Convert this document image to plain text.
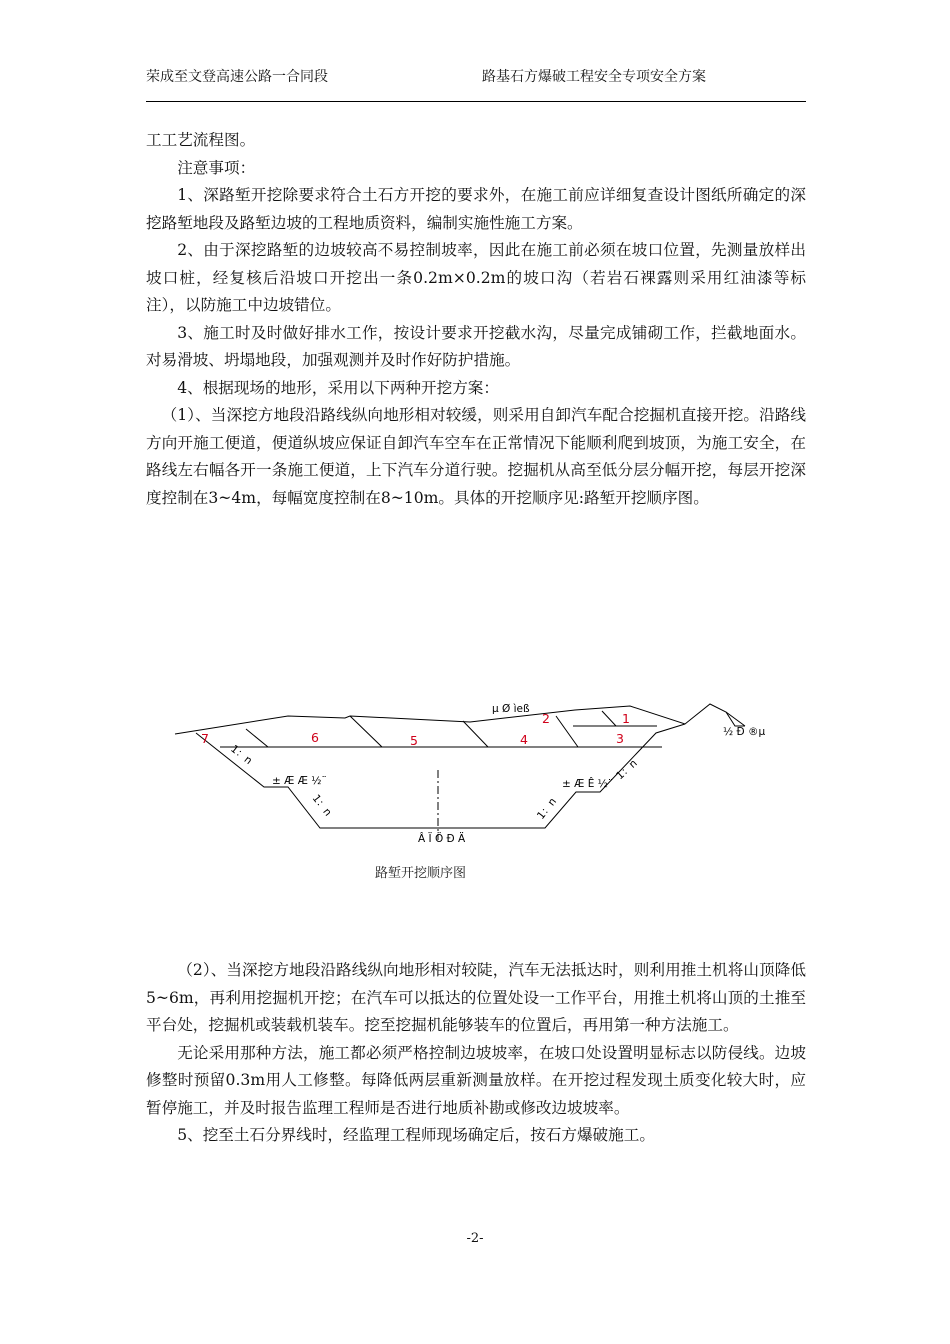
荣成至文登高速公路一合同段	路基石方爆破工程安全专项安全方案

工工艺流程图。

注意事项：

1、深路堑开挖除要求符合土石方开挖的要求外，在施工前应详细复查设计图纸所确定的深挖路堑地段及路堑边坡的工程地质资料，编制实施性施工方案。

2、由于深挖路堑的边坡较高不易控制坡率，因此在施工前必须在坡口位置，先测量放样出坡口桩，经复核后沿坡口开挖出一条0.2m×0.2m的坡口沟（若岩石裸露则采用红油漆等标注），以防施工中边坡错位。

3、施工时及时做好排水工作，按设计要求开挖截水沟，尽量完成铺砌工作，拦截地面水。对易滑坡、坍塌地段，加强观测并及时作好防护措施。

4、根据现场的地形，采用以下两种开挖方案：

（1）、当深挖方地段沿路线纵向地形相对较缓，则采用自卸汽车配合挖掘机直接开挖。沿路线方向开施工便道，便道纵坡应保证自卸汽车空车在正常情况下能顺利爬到坡顶，为施工安全，在路线左右幅各开一条施工便道，上下汽车分道行驶。挖掘机从高至低分层分幅开挖，每层开挖深度控制在3~4m，每幅宽度控制在8~10m。具体的开挖顺序见:路堑开挖顺序图。

7	6	5	4	3
2	1
µ Ø ìeß
½ Ð ®µ
± Æ Æ ½¨	± Æ Ê ½¨
Â Ï Ö Ð Ä
1：n
1：n	1：n
1：n
路堑开挖顺序图

（2）、当深挖方地段沿路线纵向地形相对较陡，汽车无法抵达时，则利用推土机将山顶降低5~6m，再利用挖掘机开挖；在汽车可以抵达的位置处设一工作平台，用推土机将山顶的土推至平台处，挖掘机或装载机装车。挖至挖掘机能够装车的位置后，再用第一种方法施工。

无论采用那种方法，施工都必须严格控制边坡坡率，在坡口处设置明显标志以防侵线。边坡修整时预留0.3m用人工修整。每降低两层重新测量放样。在开挖过程发现土质变化较大时，应暂停施工，并及时报告监理工程师是否进行地质补勘或修改边坡坡率。

5、挖至土石分界线时，经监理工程师现场确定后，按石方爆破施工。

-2-
